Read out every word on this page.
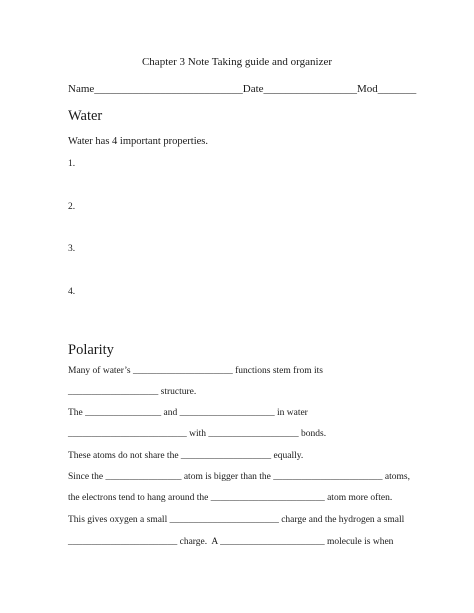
Chapter 3 Note Taking guide and organizer
Name___________________________Date_________________Mod_______
Water
Water has 4 important properties.
1.
2.
3.
4.
Polarity
Many of water’s _____________________ functions stem from its
___________________ structure.
The ________________ and ____________________ in water
_________________________ with ___________________ bonds.
These atoms do not share the ___________________ equally.
Since the ________________ atom is bigger than the _______________________ atoms,
the electrons tend to hang around the ________________________ atom more often.
This gives oxygen a small _______________________ charge and the hydrogen a small
_______________________ charge.  A ______________________ molecule is when
